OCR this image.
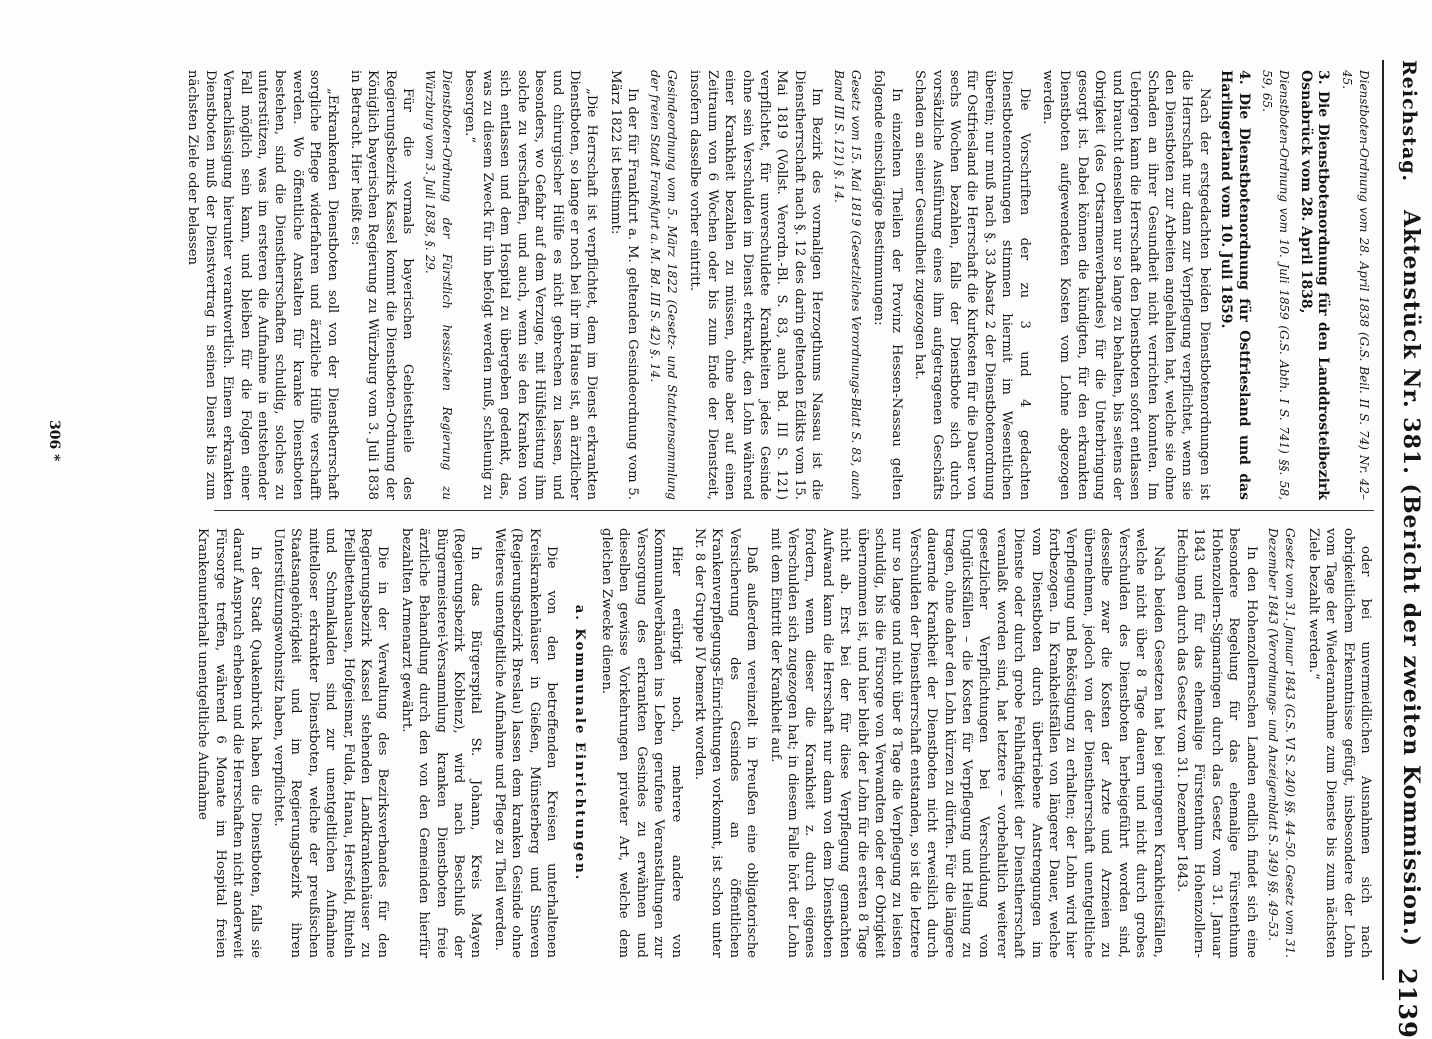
Reichstag.
Aktenstück Nr. 381. (Bericht der zweiten Kommission.)
2139
Dienstboten-Ordnung vom 28. April 1838 (G.S. Beil. II S. 74) Nr. 42–45.
3. Die Dienstbotenordnung für den Landdrosteibezirk Osnabrück vom 28. April 1838,
Dienstboten-Ordnung vom 10. Juli 1859 (G.S. Abth. I S. 741) §§. 58, 59, 65.
4. Die Dienstbotenordnung für Ostfriesland und das Harlingerland vom 10. Juli 1859.

Nach der erstgedachten beiden Dienstbotenordnungen ist die Herrschaft nur dann zur Verpflegung verpflichtet, wenn sie den Dienstboten zur Arbeiten angehalten hat, welche sie ohne Schaden an ihrer Gesundheit nicht verrichten konnten. Im Uebrigen kann die Herrschaft den Dienstboten sofort entlassen und braucht denselben nur so lange zu behalten, bis seitens der Obrigkeit (des Ortsarmenverbandes) für die Unterbringung gesorgt ist. Dabei können die kündigten, für den erkrankten Dienstboten aufgewendeten Kosten vom Lohne abgezogen werden.

Die Vorschriften der zu 3 und 4 gedachten Dienstbotenordnungen stimmen hiermit im Wesentlichen überein; nur muß nach §. 33 Absatz 2 der Dienstbotenordnung für Ostfriesland die Herrschaft die Kurkosten für die Dauer von sechs Wochen bezahlen, falls der Dienstbote sich durch vorsätzliche Ausführung eines ihm aufgetragenen Geschäfts Schaden an seiner Gesundheit zugezogen hat.

In einzelnen Theilen der Provinz Hessen-Nassau gelten folgende einschlägige Bestimmungen:

Gesetz vom 15. Mai 1819 (Gesetzliches Verordnungs-Blatt S. 83, auch Band III S. 121) §. 14.

Im Bezirk des vormaligen Herzogthums Nassau ist die Dienstherrschaft nach §. 12 des darin geltenden Edikts vom 15. Mai 1819 (Vollst. Verordn.-Bl. S. 83, auch Bd. III S. 121) verpflichtet, für unverschuldete Krankheiten jedes Gesinde ohne sein Verschulden im Dienst erkrankt, den Lohn während einer Krankheit bezahlen zu müssen, ohne aber auf einen Zeitraum von 6 Wochen oder bis zum Ende der Dienstzeit, insofern dasselbe vorher eintritt.

Gesindeordnung vom 5. März 1822 (Gesetz- und Statutensammlung der freien Stadt Frankfurt a. M. Bd. III S. 42) §. 14.

In der für Frankfurt a. M. geltenden Gesindeordnung vom 5. März 1822 ist bestimmt:

„Die Herrschaft ist verpflichtet, dem im Dienst erkrankten Dienstboten, so lange er noch bei ihr im Hause ist, an ärztlicher und chirurgischer Hülfe es nicht gebrechen zu lassen, und besonders, wo Gefahr auf dem Verzuge, mit Hülfsleistung ihm solche zu verschaffen, und auch, wenn sie den Kranken von sich entlassen und dem Hospital zu übergeben gedenkt, das, was zu diesem Zweck für ihn befolgt werden muß, schleunig zu besorgen.“

Dienstboten-Ordnung der Fürstlich hessischen Regierung zu Würzburg vom 3. Juli 1838, §. 29.

Für die vormals bayerischen Gebietstheile des Regierungsbezirks Kassel kommt die Dienstboten-Ordnung der Königlich bayerischen Regierung zu Würzburg vom 3. Juli 1838 in Betracht. Hier heißt es:

„Erkrankenden Dienstboten soll von der Dienstherrschaft sorgliche Pflege widerfahren und ärztliche Hülfe verschafft werden. Wo öffentliche Anstalten für kranke Dienstboten bestehen, sind die Dienstherrschaften schuldig, solches zu unterstützen, was im ersteren die Aufnahme in entstehender Fall möglich sein kann, und bleiben für die Folgen einer Vernachlässigung hierunter verantwortlich. Einem erkrankten Dienstboten muß der Dienstvertrag in seinen Dienst bis zum nächsten Ziele oder belassen

oder bei unvermeidlichen Ausnahmen sich nach obrigkeitlichem Erkenntnisse gefügt, insbesondere der Lohn vom Tage der Wiederannahme zum Dienste bis zum nächsten Ziele bezahlt werden.“

Gesetz vom 31. Januar 1843 (G.S. VI S. 240) §§. 44–50. Gesetz vom 31. Dezember 1843 (Verordnungs- und Anzeigenblatt S. 349) §§. 49–53.

In den Hohenzollernschen Landen endlich findet sich eine besondere Regelung für das ehemalige Fürstenthum Hohenzollern-Sigmaringen durch das Gesetz vom 31. Januar 1843 und für das ehemalige Fürstenthum Hohenzollern-Hechingen durch das Gesetz vom 31. Dezember 1843.

Nach beiden Gesetzen hat bei geringeren Krankheitsfällen, welche nicht über 8 Tage dauern und nicht durch grobes Verschulden des Dienstboten herbeigeführt worden sind, desselbe zwar die Kosten der Arzte und Arzneien zu übernehmen, jedoch von der Dienstherrschaft unentgeltliche Verpflegung und Beköstigung zu erhalten; der Lohn wird hier fortbezogen. In Krankheitsfällen von längerer Dauer, welche vom Dienstboten durch übertriebene Anstrengungen im Dienste oder durch grobe Fehlhaftigkeit der Dienstherrschaft veranlaßt worden sind, hat letztere – vorbehaltlich weiterer gesetzlicher Verpflichtungen bei Verschuldung von Unglücksfällen – die Kosten für Verpflegung und Heilung zu tragen, ohne daher den Lohn kürzen zu dürfen. Für die längere dauernde Krankheit der Dienstboten nicht erweislich durch Verschulden der Dienstherrschaft entstanden, so ist die letztere nur so lange und nicht über 8 Tage die Verpflegung zu leisten schuldig, bis die Fürsorge von Verwandten oder der Obrigkeit übernommen ist, und hier bleibt der Lohn für die ersten 8 Tage nicht ab. Erst bei der für diese Verpflegung gemachten Aufwand kann die Herrschaft nur dann von dem Dienstboten fordern, wenn dieser die Krankheit z. durch eigenes Verschulden sich zugezogen hat; in diesem Falle hört der Lohn mit dem Eintritt der Krankheit auf.

Daß außerdem vereinzelt in Preußen eine obligatorische Versicherung des Gesindes an öffentlichen Krankenverpflegungs-Einrichtungen vorkommt, ist schon unter Nr. 8 der Gruppe IV bemerkt worden.

Hier erübrigt noch, mehrere andere von Kommunalverbänden ins Leben gerufene Veranstaltungen zur Versorgung des erkrankten Gesindes zu erwähnen und dieselben gewisse Vorkehrungen privater Art, welche dem gleichen Zwecke dienen.

a. Kommunale Einrichtungen.

Die von den betreffenden Kreisen unterhaltenen Kreiskrankenhäuser in Gießen, Münsterberg und Sineven (Regierungsbezirk Breslau) lassen dem kranken Gesinde ohne Weiteres unentgeltliche Aufnahme und Pflege zu Theil werden.

In das Bürgerspital St. Johann, Kreis Mayen (Regierungsbezirk Koblenz), wird nach Beschluß der Bürgermeisterei-Versammlung kranken Dienstboten freie ärztliche Behandlung durch den von den Gemeinden hierfür bezahlten Armenarzt gewährt.

Die in der Verwaltung des Bezirksverbandes für den Regierungsbezirk Kassel stehenden Landkrankenhäuser zu Pfeilbettenhausen, Hofgeismar, Fulda, Hanau, Hersfeld, Rinteln und Schmalkalden sind zur unentgeltlichen Aufnahme mittelloser erkrankter Dienstboten, welche der preußischen Staatsangehörigkeit und im Regierungsbezirk ihren Unterstützungswohnsitz haben, verpflichtet.

In der Stadt Quakenbrück haben die Dienstboten, falls sie darauf Anspruch erheben und die Herrschaften nicht anderweit Fürsorge treffen, während 6 Monate im Hospital freien Krankenunterhalt unentgeltliche Aufnahme

306 *
